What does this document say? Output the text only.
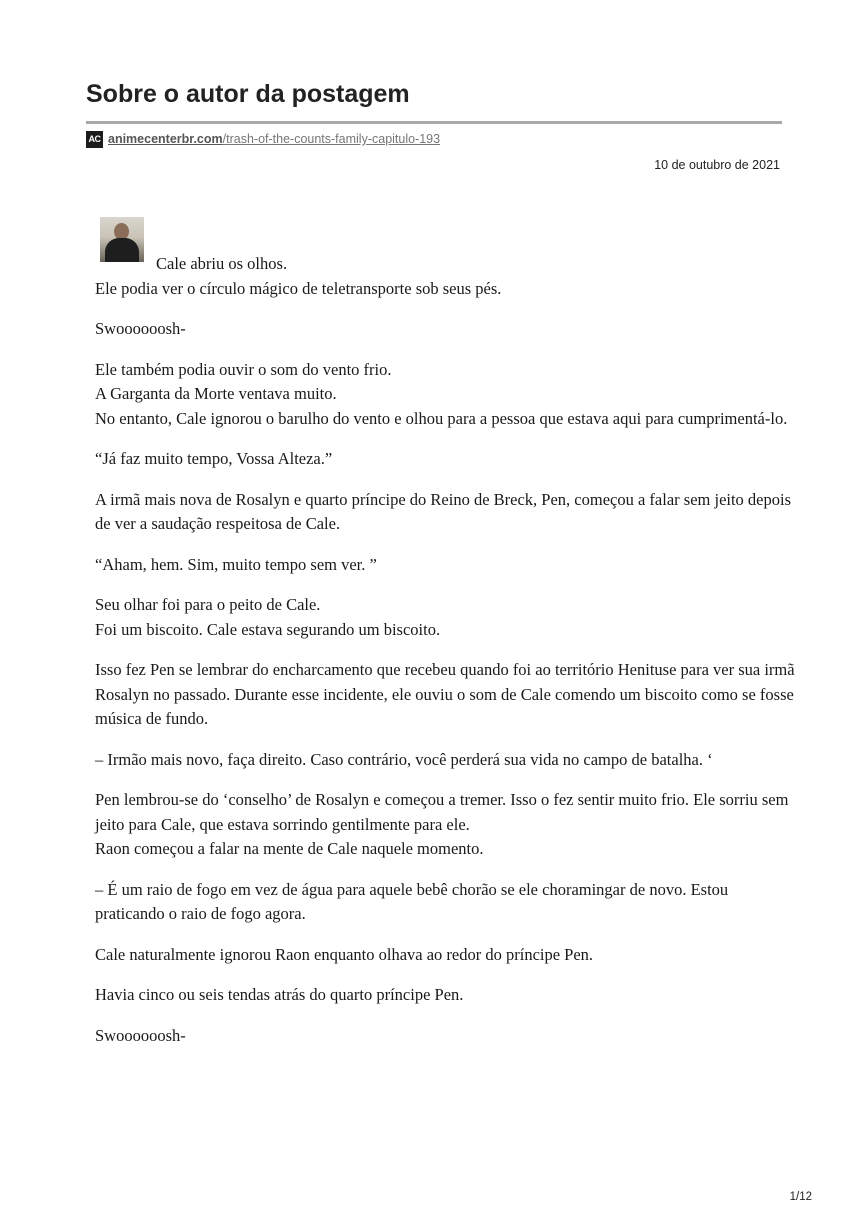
Sobre o autor da postagem
AC animecenterbr.com /trash-of-the-counts-family-capitulo-193
10 de outubro de 2021

Cale abriu os olhos.

Ele podia ver o círculo mágico de teletransporte sob seus pés.

Swoooooosh-

Ele também podia ouvir o som do vento frio.
A Garganta da Morte ventava muito.
No entanto, Cale ignorou o barulho do vento e olhou para a pessoa que estava aqui para cumprimentá-lo.

“Já faz muito tempo, Vossa Alteza.”

A irmã mais nova de Rosalyn e quarto príncipe do Reino de Breck, Pen, começou a falar sem jeito depois de ver a saudação respeitosa de Cale.

“Aham, hem. Sim, muito tempo sem ver. ”

Seu olhar foi para o peito de Cale.
Foi um biscoito. Cale estava segurando um biscoito.

Isso fez Pen se lembrar do encharcamento que recebeu quando foi ao território Henituse para ver sua irmã Rosalyn no passado. Durante esse incidente, ele ouviu o som de Cale comendo um biscoito como se fosse música de fundo.

– Irmão mais novo, faça direito. Caso contrário, você perderá sua vida no campo de batalha. ‘

Pen lembrou-se do ‘conselho’ de Rosalyn e começou a tremer. Isso o fez sentir muito frio. Ele sorriu sem jeito para Cale, que estava sorrindo gentilmente para ele.
Raon começou a falar na mente de Cale naquele momento.

– É um raio de fogo em vez de água para aquele bebê chorão se ele choramingar de novo. Estou praticando o raio de fogo agora.

Cale naturalmente ignorou Raon enquanto olhava ao redor do príncipe Pen.

Havia cinco ou seis tendas atrás do quarto príncipe Pen.

Swoooooosh-

1/12
